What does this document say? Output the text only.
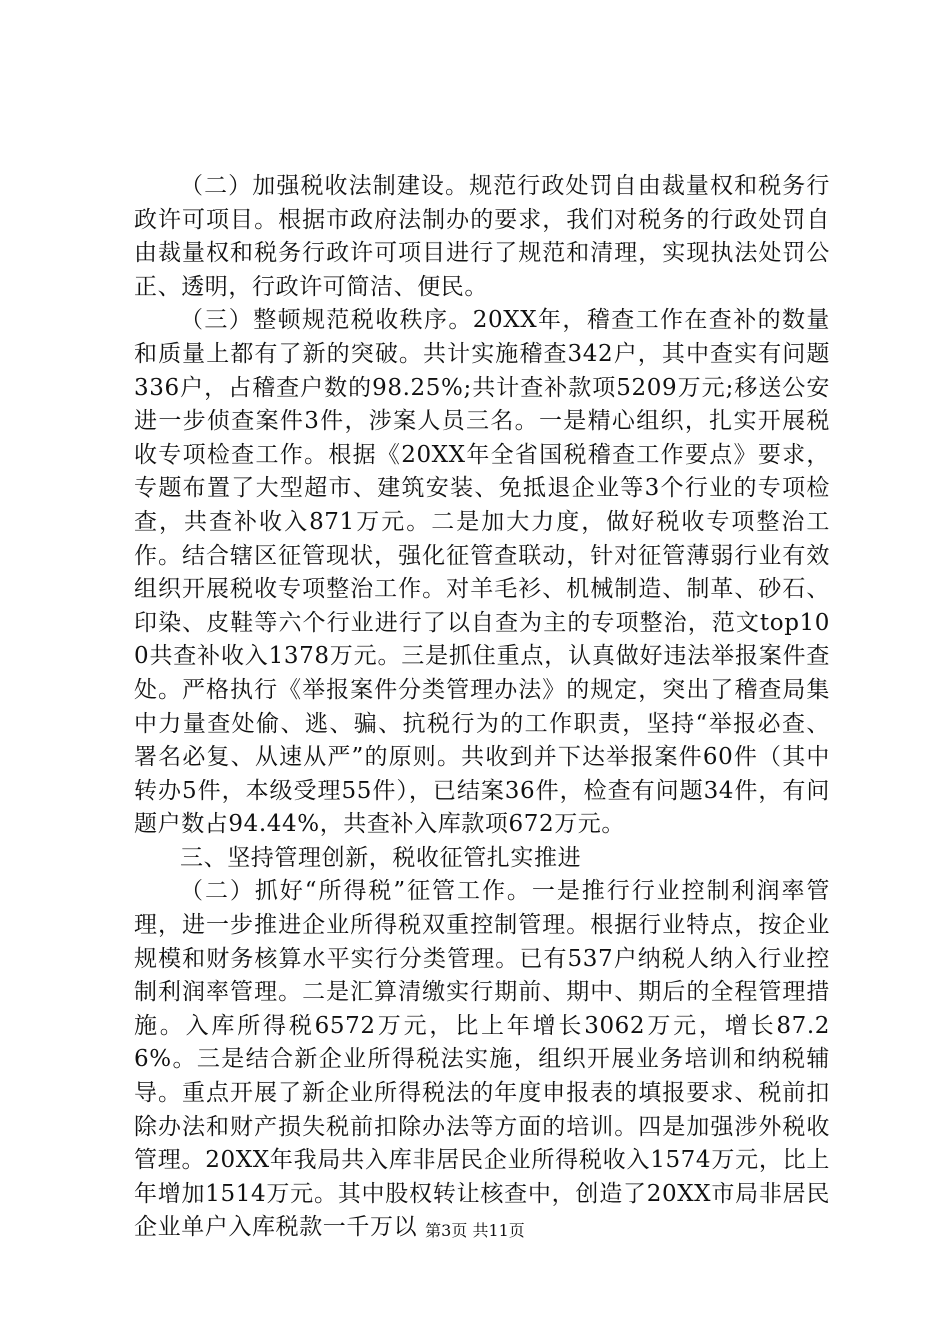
（二）加强税收法制建设。规范行政处罚自由裁量权和税务行政许可项目。根据市政府法制办的要求，我们对税务的行政处罚自由裁量权和税务行政许可项目进行了规范和清理，实现执法处罚公正、透明，行政许可简洁、便民。

（三）整顿规范税收秩序。20XX年，稽查工作在查补的数量和质量上都有了新的突破。共计实施稽查342户，其中查实有问题336户，占稽查户数的98.25%;共计查补款项5209万元;移送公安进一步侦查案件3件，涉案人员三名。一是精心组织，扎实开展税收专项检查工作。根据《20XX年全省国税稽查工作要点》要求，专题布置了大型超市、建筑安装、免抵退企业等3个行业的专项检查，共查补收入871万元。二是加大力度，做好税收专项整治工作。结合辖区征管现状，强化征管查联动，针对征管薄弱行业有效组织开展税收专项整治工作。对羊毛衫、机械制造、制革、砂石、印染、皮鞋等六个行业进行了以自查为主的专项整治，范文top100共查补收入1378万元。三是抓住重点，认真做好违法举报案件查处。严格执行《举报案件分类管理办法》的规定，突出了稽查局集中力量查处偷、逃、骗、抗税行为的工作职责，坚持“举报必查、署名必复、从速从严”的原则。共收到并下达举报案件60件（其中转办5件，本级受理55件），已结案36件，检查有问题34件，有问题户数占94.44%，共查补入库款项672万元。

三、坚持管理创新，税收征管扎实推进

（二）抓好“所得税”征管工作。一是推行行业控制利润率管理，进一步推进企业所得税双重控制管理。根据行业特点，按企业规模和财务核算水平实行分类管理。已有537户纳税人纳入行业控制利润率管理。二是汇算清缴实行期前、期中、期后的全程管理措施。入库所得税6572万元，比上年增长3062万元，增长87.26%。三是结合新企业所得税法实施，组织开展业务培训和纳税辅导。重点开展了新企业所得税法的年度申报表的填报要求、税前扣除办法和财产损失税前扣除办法等方面的培训。四是加强涉外税收管理。20XX年我局共入库非居民企业所得税收入1574万元，比上年增加1514万元。其中股权转让核查中，创造了20XX市局非居民企业单户入库税款一千万以 第3页 共11页
